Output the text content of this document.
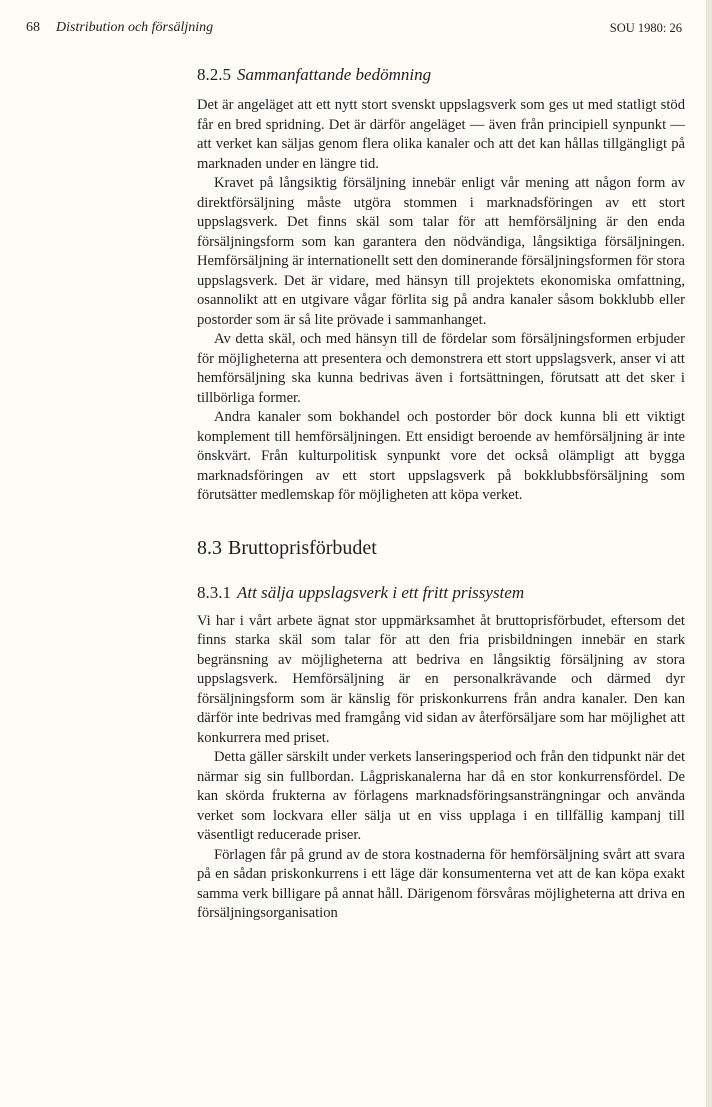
68 Distribution och försäljning	SOU 1980: 26
8.2.5 Sammanfattande bedömning

Det är angeläget att ett nytt stort svenskt uppslagsverk som ges ut med statligt stöd får en bred spridning. Det är därför angeläget — även från principiell synpunkt — att verket kan säljas genom flera olika kanaler och att det kan hållas tillgängligt på marknaden under en längre tid.

Kravet på långsiktig försäljning innebär enligt vår mening att någon form av direktförsäljning måste utgöra stommen i marknadsföringen av ett stort uppslagsverk. Det finns skäl som talar för att hemförsäljning är den enda försäljningsform som kan garantera den nödvändiga, långsiktiga försäljningen. Hemförsäljning är internationellt sett den dominerande försäljningsformen för stora uppslagsverk. Det är vidare, med hänsyn till projektets ekonomiska omfattning, osannolikt att en utgivare vågar förlita sig på andra kanaler såsom bokklubb eller postorder som är så lite prövade i sammanhanget.

Av detta skäl, och med hänsyn till de fördelar som försäljningsformen erbjuder för möjligheterna att presentera och demonstrera ett stort uppslagsverk, anser vi att hemförsäljning ska kunna bedrivas även i fortsättningen, förutsatt att det sker i tillbörliga former.

Andra kanaler som bokhandel och postorder bör dock kunna bli ett viktigt komplement till hemförsäljningen. Ett ensidigt beroende av hemförsäljning är inte önskvärt. Från kulturpolitisk synpunkt vore det också olämpligt att bygga marknadsföringen av ett stort uppslagsverk på bokklubbsförsäljning som förutsätter medlemskap för möjligheten att köpa verket.

8.3 Bruttoprisförbudet
8.3.1 Att sälja uppslagsverk i ett fritt prissystem

Vi har i vårt arbete ägnat stor uppmärksamhet åt bruttoprisförbudet, eftersom det finns starka skäl som talar för att den fria prisbildningen innebär en stark begränsning av möjligheterna att bedriva en långsiktig försäljning av stora uppslagsverk. Hemförsäljning är en personalkrävande och därmed dyr försäljningsform som är känslig för priskonkurrens från andra kanaler. Den kan därför inte bedrivas med framgång vid sidan av återförsäljare som har möjlighet att konkurrera med priset.

Detta gäller särskilt under verkets lanseringsperiod och från den tidpunkt när det närmar sig sin fullbordan. Lågpriskanalerna har då en stor konkurrensfördel. De kan skörda frukterna av förlagens marknadsföringsansträngningar och använda verket som lockvara eller sälja ut en viss upplaga i en tillfällig kampanj till väsentligt reducerade priser.

Förlagen får på grund av de stora kostnaderna för hemförsäljning svårt att svara på en sådan priskonkurrens i ett läge där konsumenterna vet att de kan köpa exakt samma verk billigare på annat håll. Därigenom försvåras möjligheterna att driva en försäljningsorganisation
